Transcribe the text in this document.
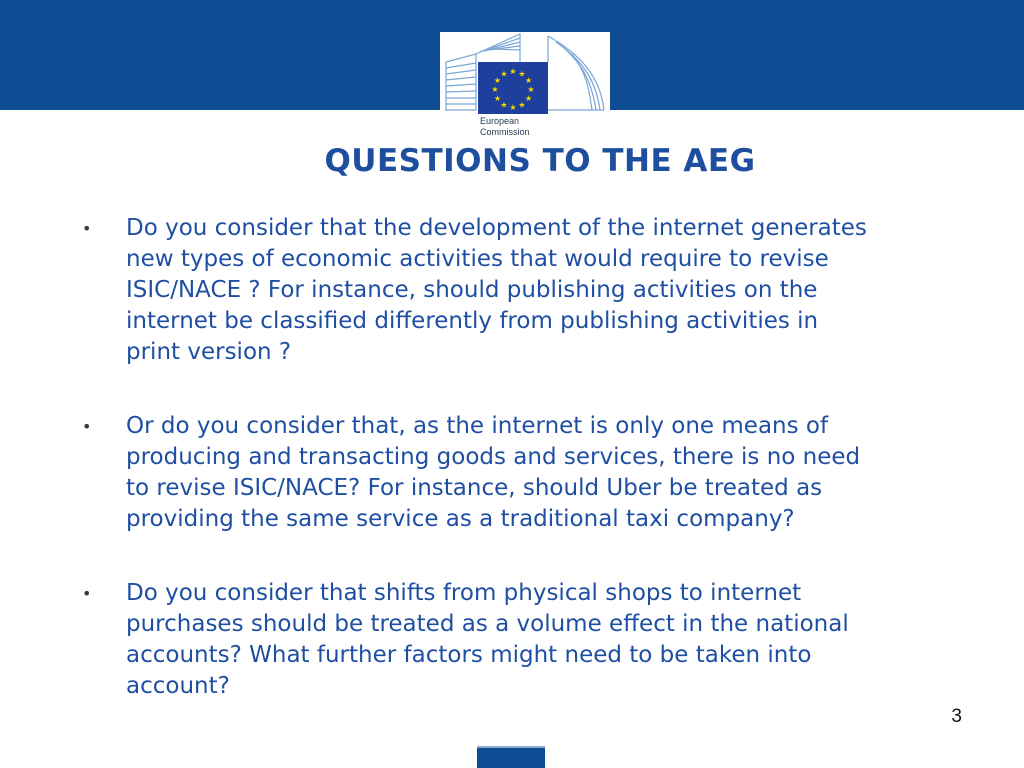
★ ★
★
★
★
★
★
★
★
★
★
★
European
Commission
QUESTIONS TO THE AEG
• Do you consider that the development of the internet generates
new types of economic activities that would require to revise
ISIC/NACE ? For instance, should publishing activities on the
internet be classified differently from publishing activities in
print version ?
• Or do you consider that, as the internet is only one means of
producing and transacting goods and services, there is no need
to revise ISIC/NACE? For instance, should Uber be treated as
providing the same service as a traditional taxi company?
• Do you consider that shifts from physical shops to internet
purchases should be treated as a volume effect in the national
accounts? What further factors might need to be taken into
account?
3
